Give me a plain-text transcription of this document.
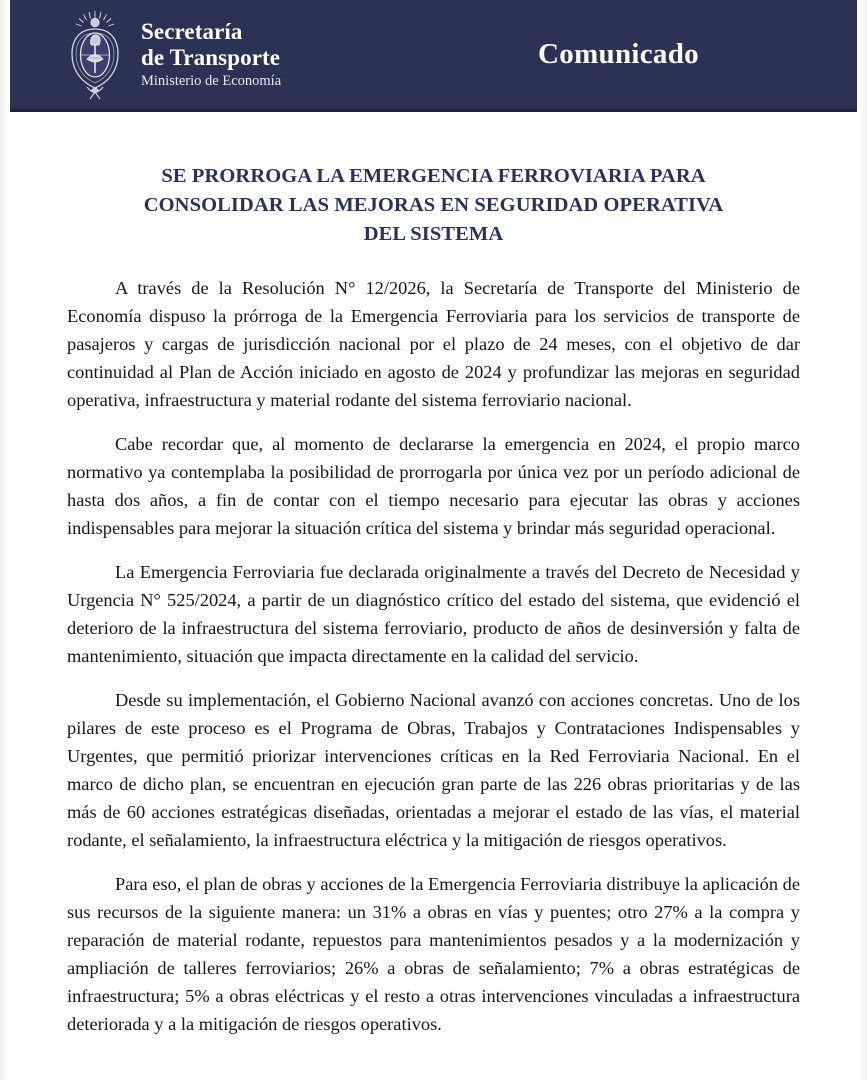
Secretaría
de Transporte
Ministerio de Economía
Comunicado
SE PRORROGA LA EMERGENCIA FERROVIARIA PARA CONSOLIDAR LAS MEJORAS EN SEGURIDAD OPERATIVA DEL SISTEMA

A través de la Resolución N° 12/2026, la Secretaría de Transporte del Ministerio de Economía dispuso la prórroga de la Emergencia Ferroviaria para los servicios de transporte de pasajeros y cargas de jurisdicción nacional por el plazo de 24 meses, con el objetivo de dar continuidad al Plan de Acción iniciado en agosto de 2024 y profundizar las mejoras en seguridad operativa, infraestructura y material rodante del sistema ferroviario nacional.

Cabe recordar que, al momento de declararse la emergencia en 2024, el propio marco normativo ya contemplaba la posibilidad de prorrogarla por única vez por un período adicional de hasta dos años, a fin de contar con el tiempo necesario para ejecutar las obras y acciones indispensables para mejorar la situación crítica del sistema y brindar más seguridad operacional.

La Emergencia Ferroviaria fue declarada originalmente a través del Decreto de Necesidad y Urgencia N° 525/2024, a partir de un diagnóstico crítico del estado del sistema, que evidenció el deterioro de la infraestructura del sistema ferroviario, producto de años de desinversión y falta de mantenimiento, situación que impacta directamente en la calidad del servicio.

Desde su implementación, el Gobierno Nacional avanzó con acciones concretas. Uno de los pilares de este proceso es el Programa de Obras, Trabajos y Contrataciones Indispensables y Urgentes, que permitió priorizar intervenciones críticas en la Red Ferroviaria Nacional. En el marco de dicho plan, se encuentran en ejecución gran parte de las 226 obras prioritarias y de las más de 60 acciones estratégicas diseñadas, orientadas a mejorar el estado de las vías, el material rodante, el señalamiento, la infraestructura eléctrica y la mitigación de riesgos operativos.

Para eso, el plan de obras y acciones de la Emergencia Ferroviaria distribuye la aplicación de sus recursos de la siguiente manera: un 31% a obras en vías y puentes; otro 27% a la compra y reparación de material rodante, repuestos para mantenimientos pesados y a la modernización y ampliación de talleres ferroviarios; 26% a obras de señalamiento; 7% a obras estratégicas de infraestructura; 5% a obras eléctricas y el resto a otras intervenciones vinculadas a infraestructura deteriorada y a la mitigación de riesgos operativos.
